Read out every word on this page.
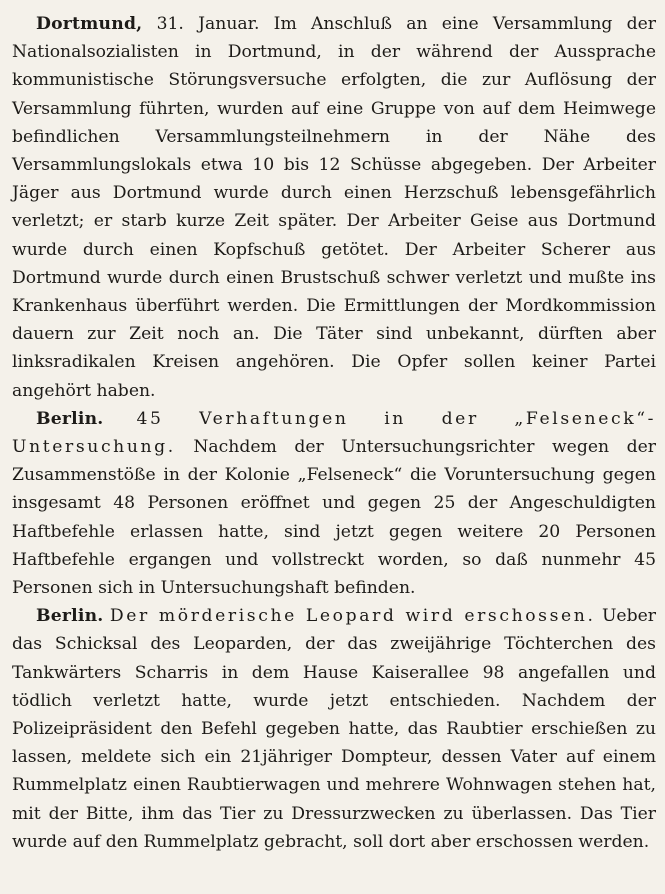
Dortmund, 31. Januar. Im Anschluß an eine Versammlung der Nationalsozialisten in Dortmund, in der während der Aussprache kommunistische Störungsversuche erfolgten, die zur Auflösung der Versammlung führten, wurden auf eine Gruppe von auf dem Heimwege befindlichen Versammlungsteilnehmern in der Nähe des Versammlungslokals etwa 10 bis 12 Schüsse abgegeben. Der Arbeiter Jäger aus Dortmund wurde durch einen Herzschuß lebensgefährlich verletzt; er starb kurze Zeit später. Der Arbeiter Geise aus Dortmund wurde durch einen Kopfschuß getötet. Der Arbeiter Scherer aus Dortmund wurde durch einen Brustschuß schwer verletzt und mußte ins Krankenhaus überführt werden. Die Ermittlungen der Mordkommission dauern zur Zeit noch an. Die Täter sind unbekannt, dürften aber linksradikalen Kreisen angehören. Die Opfer sollen keiner Partei angehört haben.

Berlin. 45 Verhaftungen in der „Felseneck“-Untersuchung. Nachdem der Untersuchungsrichter wegen der Zusammenstöße in der Kolonie „Felseneck“ die Voruntersuchung gegen insgesamt 48 Personen eröffnet und gegen 25 der Angeschuldigten Haftbefehle erlassen hatte, sind jetzt gegen weitere 20 Personen Haftbefehle ergangen und vollstreckt worden, so daß nunmehr 45 Personen sich in Untersuchungshaft befinden.

Berlin. Der mörderische Leopard wird erschossen. Ueber das Schicksal des Leoparden, der das zweijährige Töchterchen des Tankwärters Scharris in dem Hause Kaiserallee 98 angefallen und tödlich verletzt hatte, wurde jetzt entschieden. Nachdem der Polizeipräsident den Befehl gegeben hatte, das Raubtier erschießen zu lassen, meldete sich ein 21jähriger Dompteur, dessen Vater auf einem Rummelplatz einen Raubtierwagen und mehrere Wohnwagen stehen hat, mit der Bitte, ihm das Tier zu Dressurzwecken zu überlassen. Das Tier wurde auf den Rummelplatz gebracht, soll dort aber erschossen werden.
